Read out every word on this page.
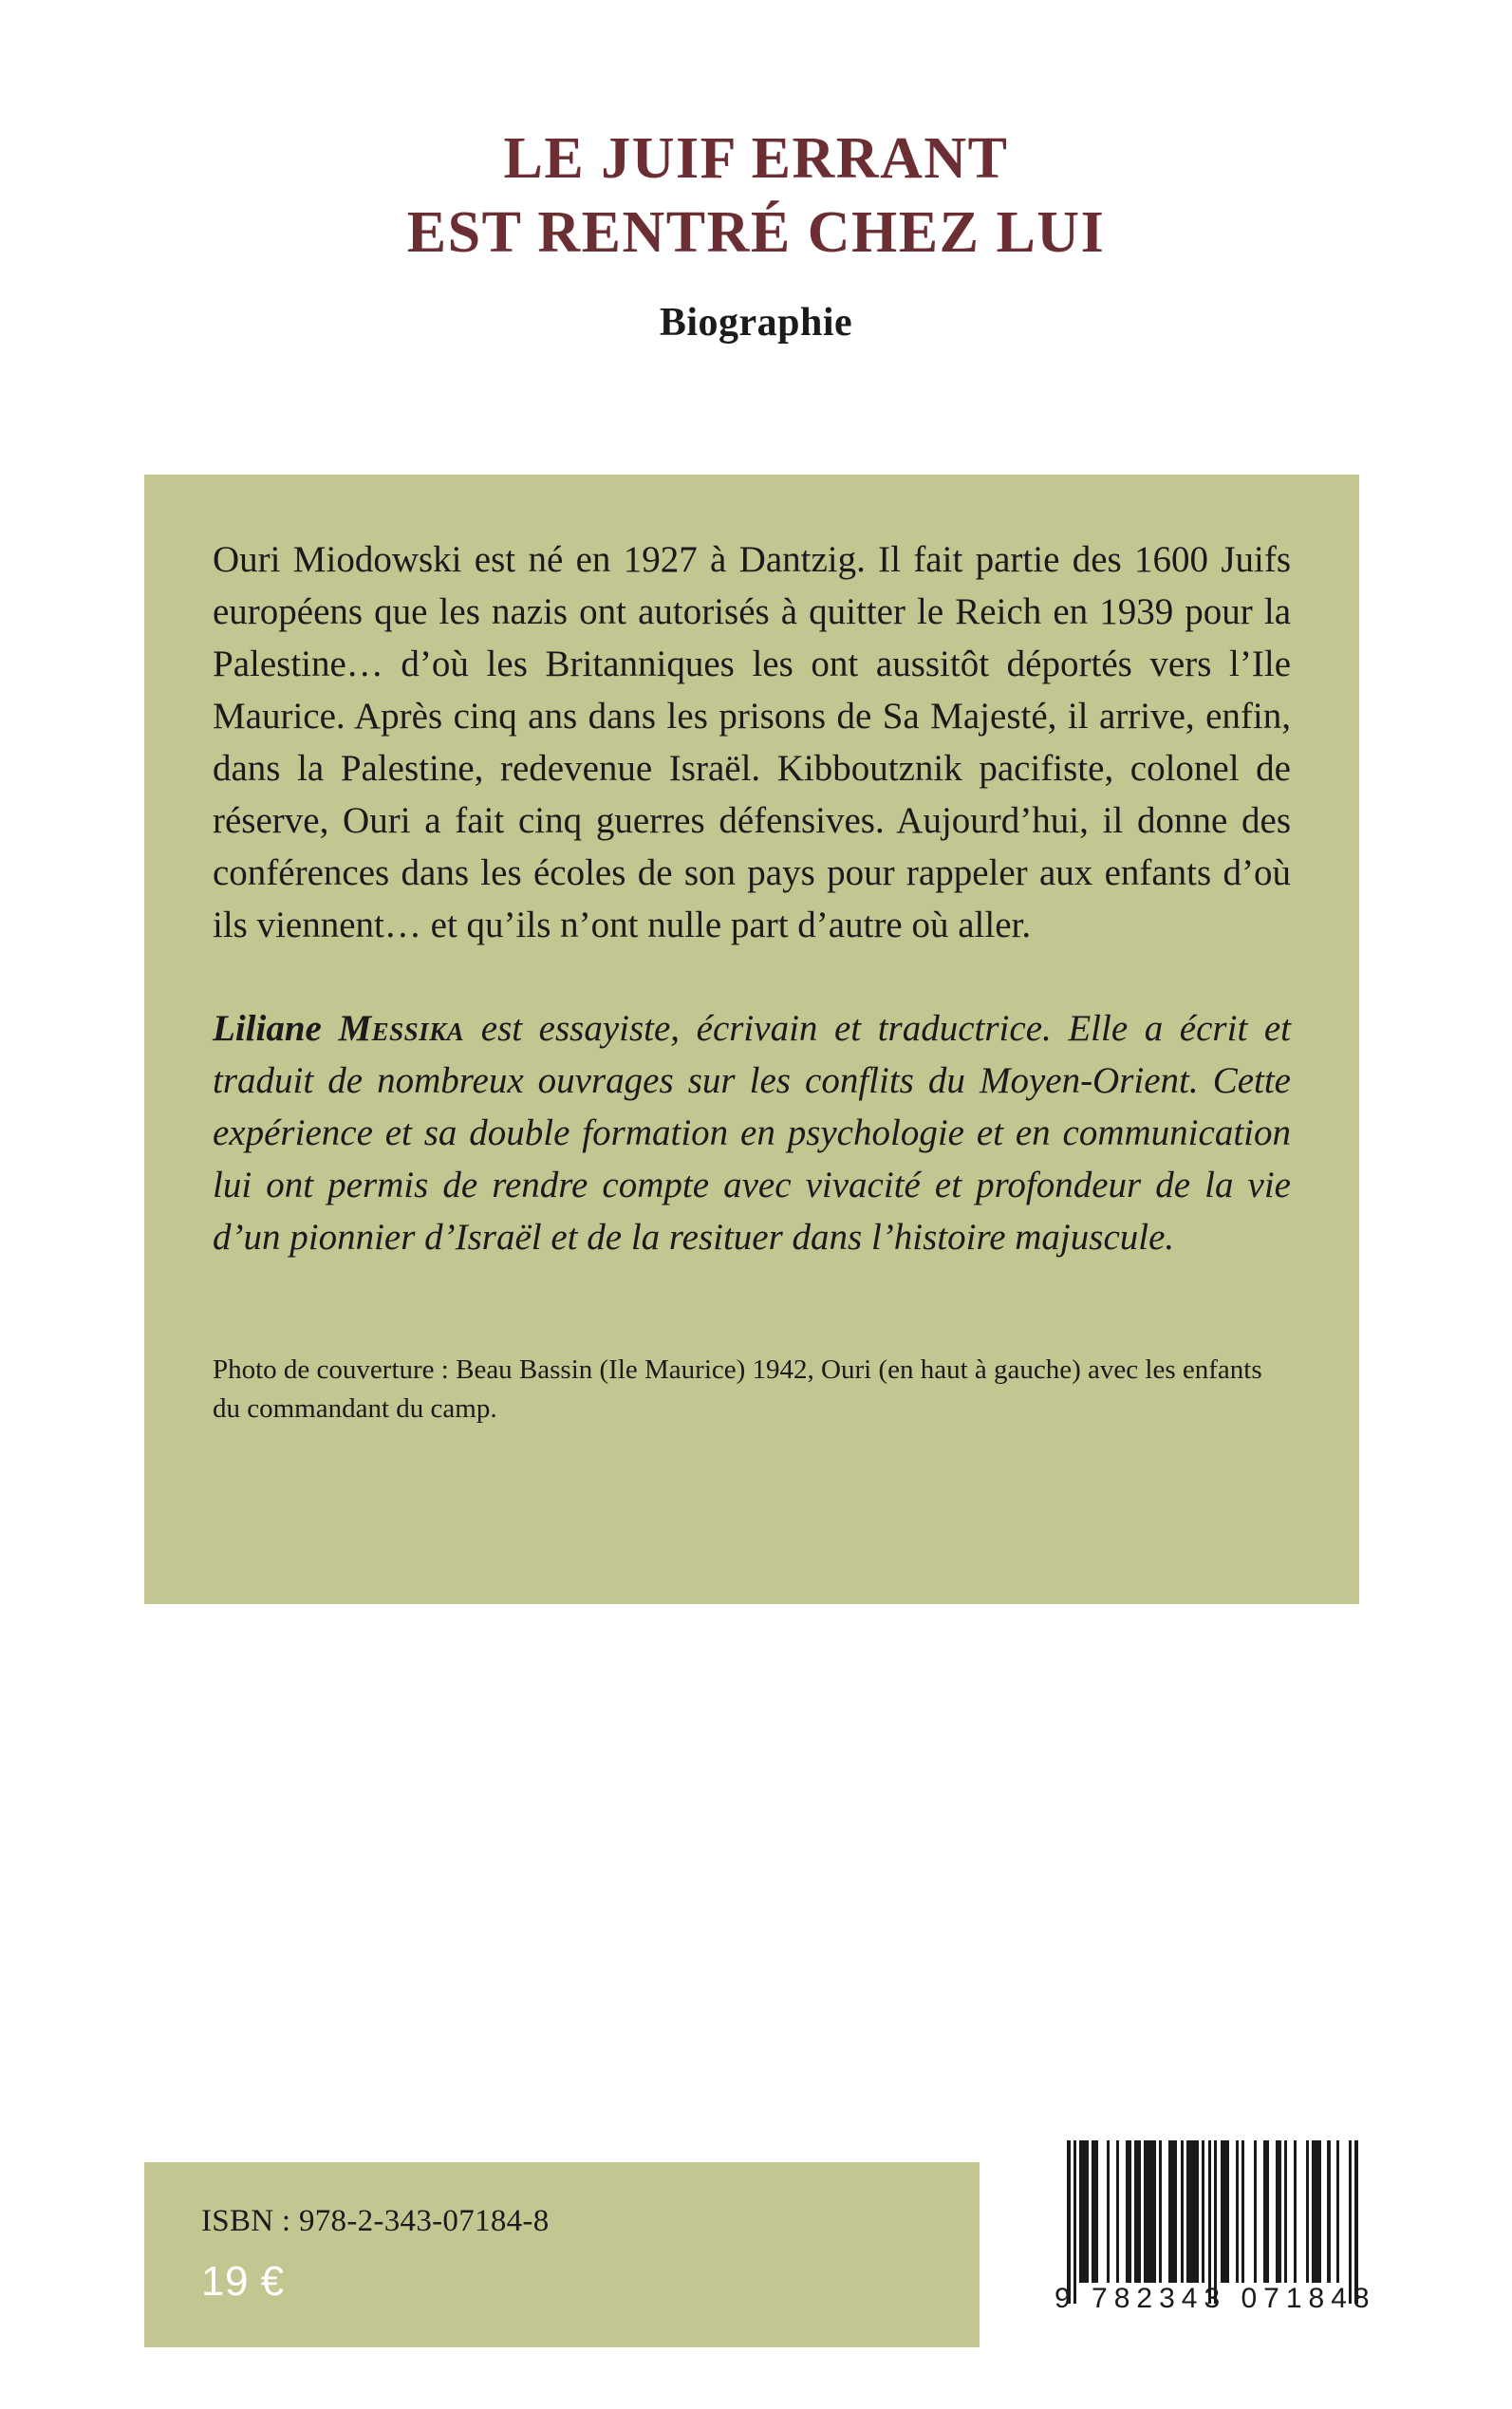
LE JUIF ERRANT
EST RENTRÉ CHEZ LUI
Biographie

Ouri Miodowski est né en 1927 à Dantzig. Il fait partie des 1600 Juifs européens que les nazis ont autorisés à quitter le Reich en 1939 pour la Palestine… d’où les Britanniques les ont aussitôt déportés vers l’Ile Maurice. Après cinq ans dans les prisons de Sa Majesté, il arrive, enfin, dans la Palestine, redevenue Israël. Kibboutznik pacifiste, colonel de réserve, Ouri a fait cinq guerres défensives. Aujourd’hui, il donne des conférences dans les écoles de son pays pour rappeler aux enfants d’où ils viennent… et qu’ils n’ont nulle part d’autre où aller.

Liliane Messika est essayiste, écrivain et traductrice. Elle a écrit et traduit de nombreux ouvrages sur les conflits du Moyen-Orient. Cette expérience et sa double formation en psychologie et en communication lui ont permis de rendre compte avec vivacité et profondeur de la vie d’un pionnier d’Israël et de la resituer dans l’histoire majuscule.

Photo de couverture : Beau Bassin (Ile Maurice) 1942, Ouri (en haut à gauche) avec les enfants du commandant du camp.

ISBN : 978-2-343-07184-8
19 €	9 782343 071848
